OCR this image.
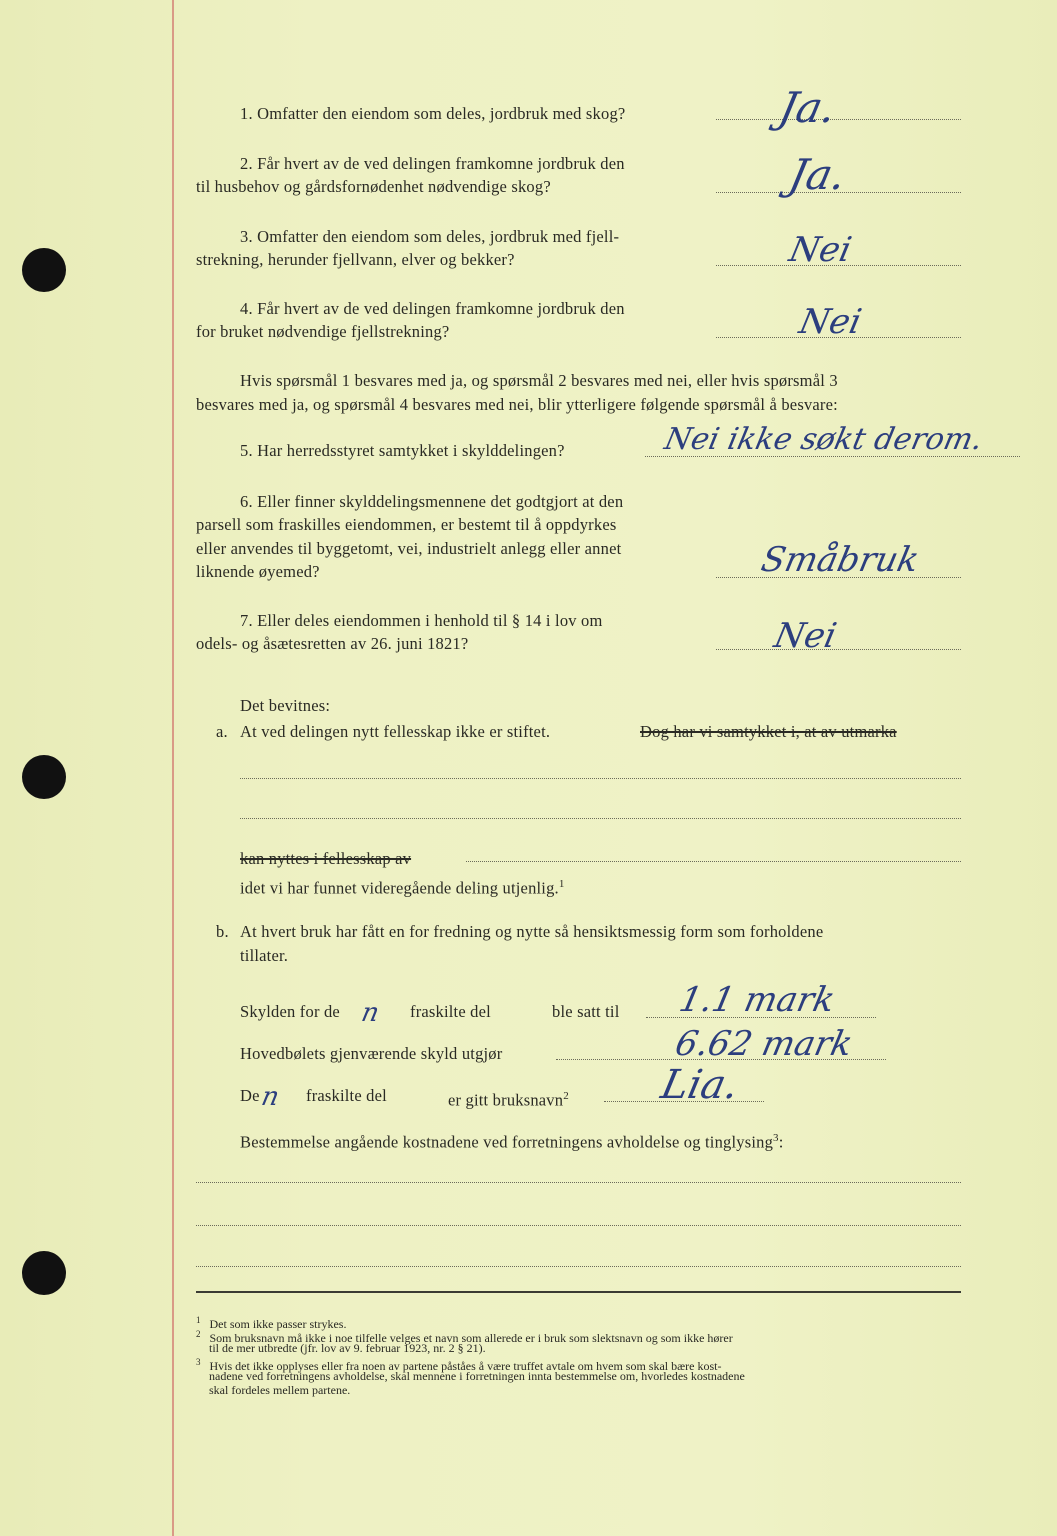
1. Omfatter den eiendom som deles, jordbruk med skog?	Ja.
2. Får hvert av de ved delingen framkomne jordbruk den
til husbehov og gårdsfornødenhet nødvendige skog?	Ja.
3. Omfatter den eiendom som deles, jordbruk med fjell-
strekning, herunder fjellvann, elver og bekker?	Nei
4. Får hvert av de ved delingen framkomne jordbruk den
for bruket nødvendige fjellstrekning?	Nei
Hvis spørsmål 1 besvares med ja, og spørsmål 2 besvares med nei, eller hvis spørsmål 3
besvares med ja, og spørsmål 4 besvares med nei, blir ytterligere følgende spørsmål å besvare:
5. Har herredsstyret samtykket i skylddelingen?	Nei ikke søkt derom.
6. Eller finner skylddelingsmennene det godtgjort at den
parsell som fraskilles eiendommen, er bestemt til å oppdyrkes
eller anvendes til byggetomt, vei, industrielt anlegg eller annet
liknende øyemed?	Småbruk
7. Eller deles eiendommen i henhold til § 14 i lov om
odels- og åsætesretten av 26. juni 1821?	Nei
Det bevitnes:
a. At ved delingen nytt fellesskap ikke er stiftet.	Dog har vi samtykket i, at av utmarka
kan nyttes i fellesskap av
idet vi har funnet videregående deling utjenlig.$^1$
b. At hvert bruk har fått en for fredning og nytte så hensiktsmessig form som forholdene
tillater.
Skylden for de n fraskilte del	ble satt til 1.1 mark
Hovedbølets gjenværende skyld utgjør	6.62 mark
De n fraskilte del	er gitt bruksnavn$^2$ Lia.
Bestemmelse angående kostnadene ved forretningens avholdelse og tinglysing$^3$:
$^1$ Det som ikke passer strykes.
$^2$ Som bruksnavn må ikke i noe tilfelle velges et navn som allerede er i bruk som slektsnavn og som ikke hører
til de mer utbredte (jfr. lov av 9. februar 1923, nr. 2 § 21).
$^3$ Hvis det ikke opplyses eller fra noen av partene påståes å være truffet avtale om hvem som skal bære kost-
nadene ved forretningens avholdelse, skal mennene i forretningen innta bestemmelse om, hvorledes kostnadene
skal fordeles mellem partene.
